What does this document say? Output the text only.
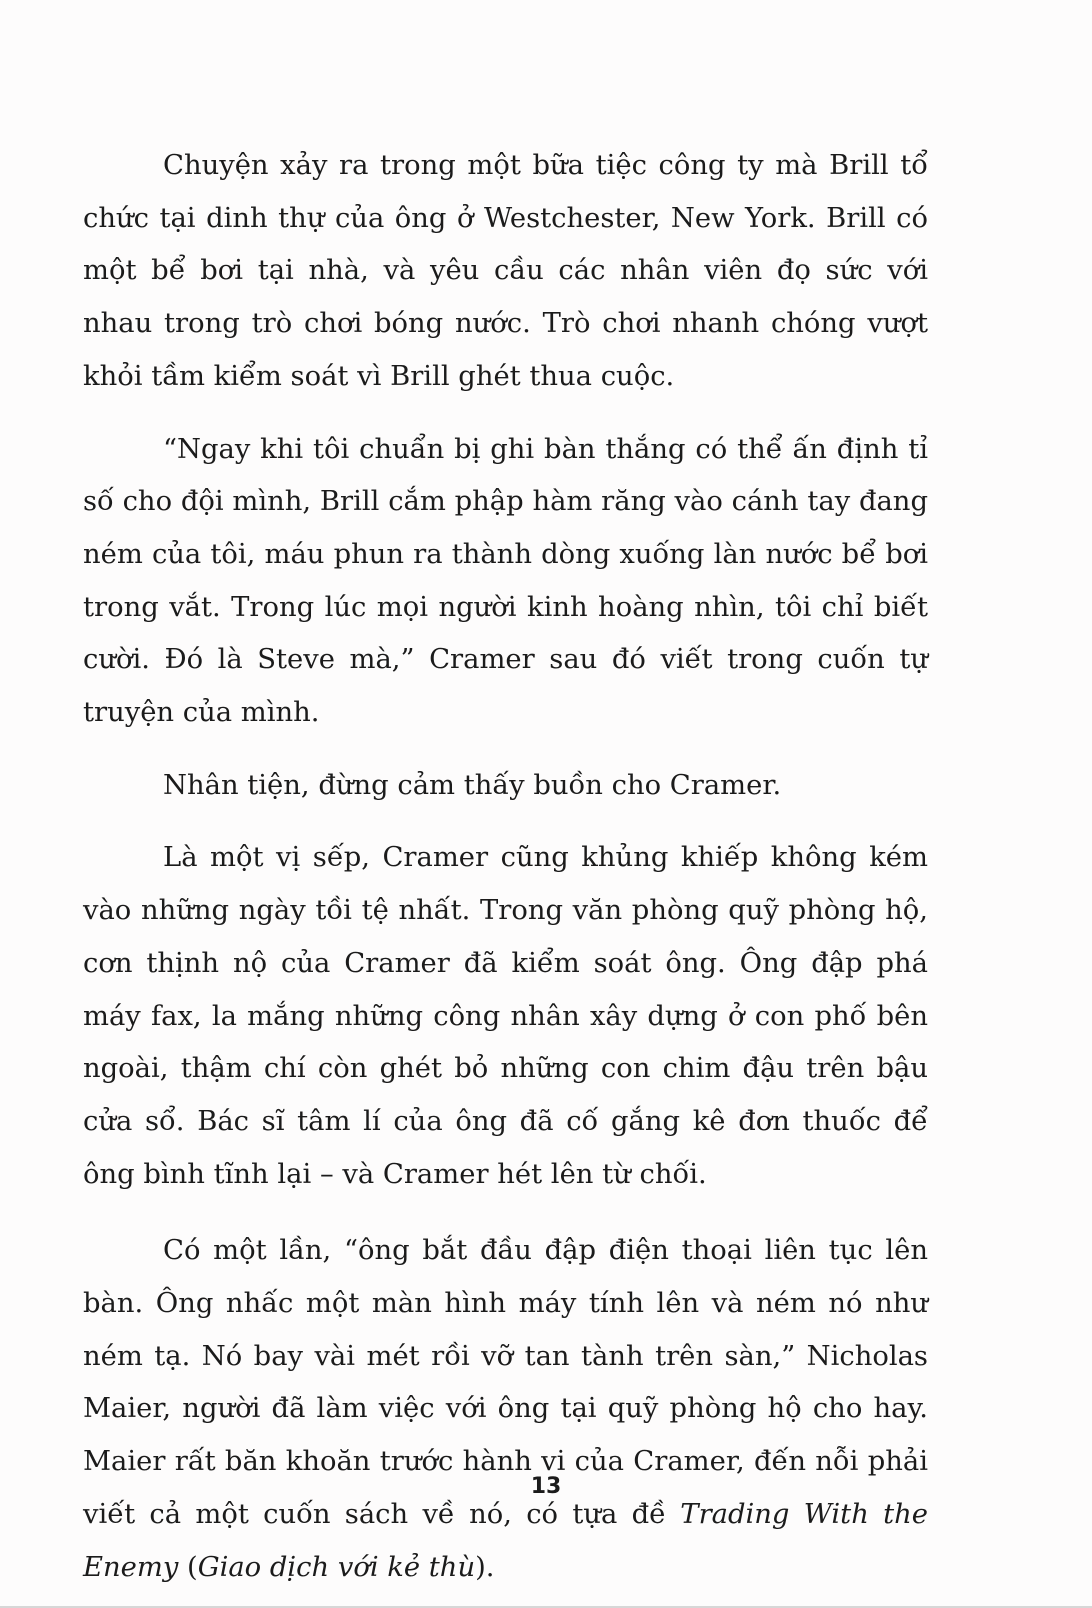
Chuyện xảy ra trong một bữa tiệc công ty mà Brill tổ chức tại dinh thự của ông ở Westchester, New York. Brill có một bể bơi tại nhà, và yêu cầu các nhân viên đọ sức với nhau trong trò chơi bóng nước. Trò chơi nhanh chóng vượt khỏi tầm kiểm soát vì Brill ghét thua cuộc.

“Ngay khi tôi chuẩn bị ghi bàn thắng có thể ấn định tỉ số cho đội mình, Brill cắm phập hàm răng vào cánh tay đang ném của tôi, máu phun ra thành dòng xuống làn nước bể bơi trong vắt. Trong lúc mọi người kinh hoàng nhìn, tôi chỉ biết cười. Đó là Steve mà,” Cramer sau đó viết trong cuốn tự truyện của mình.

Nhân tiện, đừng cảm thấy buồn cho Cramer.

Là một vị sếp, Cramer cũng khủng khiếp không kém vào những ngày tồi tệ nhất. Trong văn phòng quỹ phòng hộ, cơn thịnh nộ của Cramer đã kiểm soát ông. Ông đập phá máy fax, la mắng những công nhân xây dựng ở con phố bên ngoài, thậm chí còn ghét bỏ những con chim đậu trên bậu cửa sổ. Bác sĩ tâm lí của ông đã cố gắng kê đơn thuốc để ông bình tĩnh lại – và Cramer hét lên từ chối.

Có một lần, “ông bắt đầu đập điện thoại liên tục lên bàn. Ông nhấc một màn hình máy tính lên và ném nó như ném tạ. Nó bay vài mét rồi vỡ tan tành trên sàn,” Nicholas Maier, người đã làm việc với ông tại quỹ phòng hộ cho hay. Maier rất băn khoăn trước hành vi của Cramer, đến nỗi phải viết cả một cuốn sách về nó, có tựa đề Trading With the Enemy (Giao dịch với kẻ thù).

13
